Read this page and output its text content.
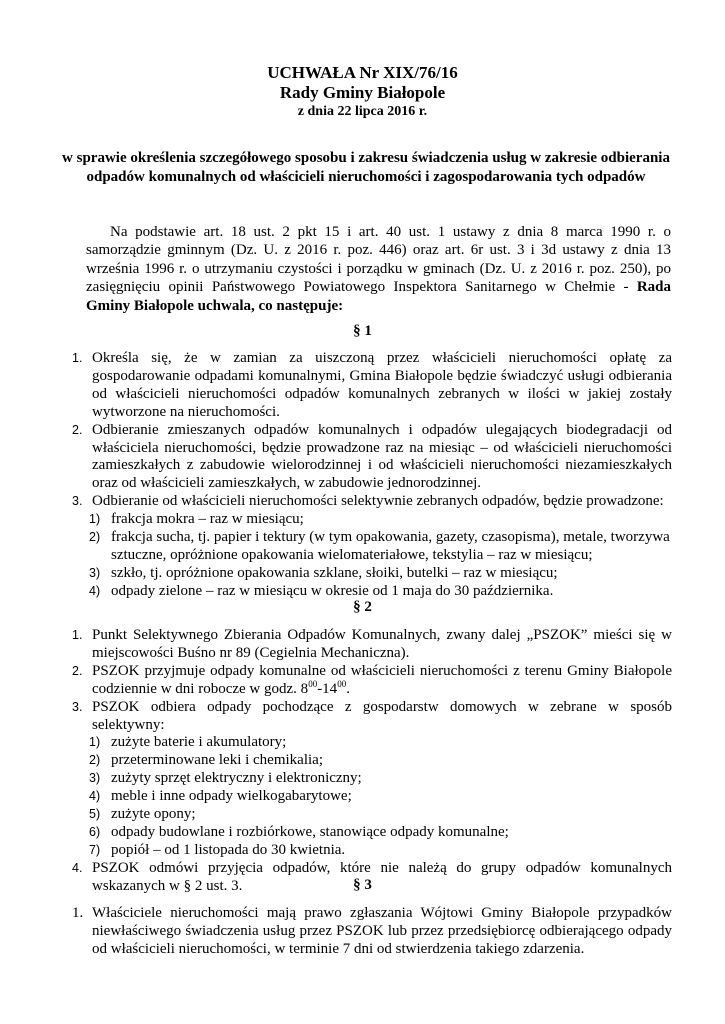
UCHWAŁA Nr XIX/76/16
Rady Gminy Białopole
z dnia 22 lipca 2016 r.
w sprawie określenia szczegółowego sposobu i zakresu świadczenia usług w zakresie odbierania odpadów komunalnych od właścicieli nieruchomości i zagospodarowania tych odpadów
Na podstawie art. 18 ust. 2 pkt 15 i art. 40 ust. 1 ustawy z dnia 8 marca 1990 r. o samorządzie gminnym (Dz. U. z 2016 r. poz. 446) oraz art. 6r ust. 3 i 3d ustawy z dnia 13 września 1996 r. o utrzymaniu czystości i porządku w gminach (Dz. U. z 2016 r. poz. 250), po zasięgnięciu opinii Państwowego Powiatowego Inspektora Sanitarnego w Chełmie - Rada Gminy Białopole uchwala, co następuje:
§ 1
1. Określa się, że w zamian za uiszczoną przez właścicieli nieruchomości opłatę za gospodarowanie odpadami komunalnymi, Gmina Białopole będzie świadczyć usługi odbierania od właścicieli nieruchomości odpadów komunalnych zebranych w ilości w jakiej zostały wytworzone na nieruchomości.
2. Odbieranie zmieszanych odpadów komunalnych i odpadów ulegających biodegradacji od właściciela nieruchomości, będzie prowadzone raz na miesiąc – od właścicieli nieruchomości zamieszkałych z zabudowie wielorodzinnej i od właścicieli nieruchomości niezamieszkałych oraz od właścicieli zamieszkałych, w zabudowie jednorodzinnej.
3. Odbieranie od właścicieli nieruchomości selektywnie zebranych odpadów, będzie prowadzone:
1) frakcja mokra – raz w miesiącu;
2) frakcja sucha, tj. papier i tektury (w tym opakowania, gazety, czasopisma), metale, tworzywa sztuczne, opróżnione opakowania wielomateriałowe, tekstylia – raz w miesiącu;
3) szkło, tj. opróżnione opakowania szklane, słoiki, butelki – raz w miesiącu;
4) odpady zielone – raz w miesiącu w okresie od 1 maja do 30 października.
§ 2
1. Punkt Selektywnego Zbierania Odpadów Komunalnych, zwany dalej „PSZOK” mieści się w miejscowości Buśno nr 89 (Cegielnia Mechaniczna).
2. PSZOK przyjmuje odpady komunalne od właścicieli nieruchomości z terenu Gminy Białopole codziennie w dni robocze w godz. $8^{00}-14^{00}$.
3. PSZOK odbiera odpady pochodzące z gospodarstw domowych w zebrane w sposób selektywny:
1) zużyte baterie i akumulatory;
2) przeterminowane leki i chemikalia;
3) zużyty sprzęt elektryczny i elektroniczny;
4) meble i inne odpady wielkogabarytowe;
5) zużyte opony;
6) odpady budowlane i rozbiórkowe, stanowiące odpady komunalne;
7) popiół – od 1 listopada do 30 kwietnia.
4. PSZOK odmówi przyjęcia odpadów, które nie należą do grupy odpadów komunalnych wskazanych w § 2 ust. 3.	§ 3
1. Właściciele nieruchomości mają prawo zgłaszania Wójtowi Gminy Białopole przypadków niewłaściwego świadczenia usług przez PSZOK lub przez przedsiębiorcę odbierającego odpady od właścicieli nieruchomości, w terminie 7 dni od stwierdzenia takiego zdarzenia.
